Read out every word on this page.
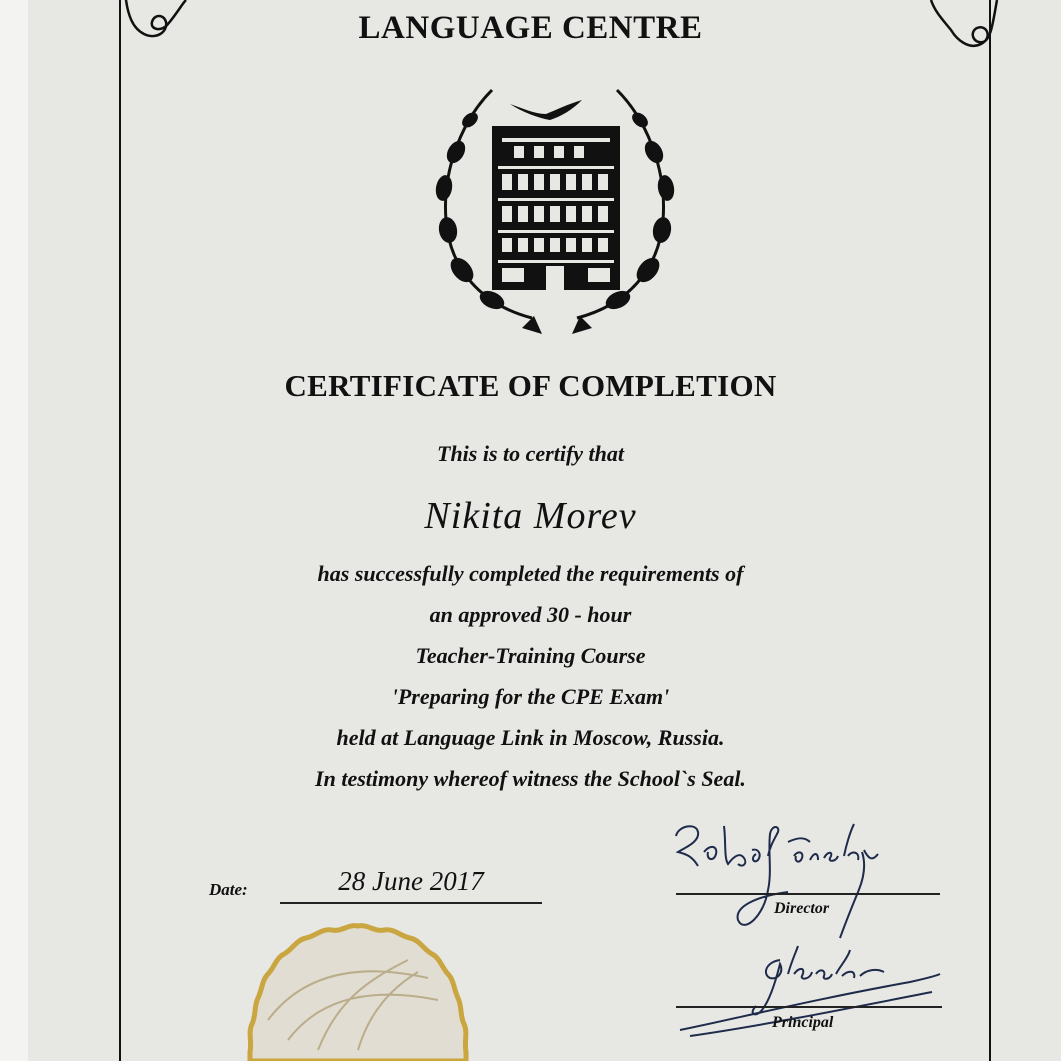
LANGUAGE CENTRE
CERTIFICATE OF COMPLETION
This is to certify that
Nikita Morev
has successfully completed the requirements of
an approved 30 - hour
Teacher-Training Course
'Preparing for the CPE Exam'
held at Language Link in Moscow, Russia.
In testimony whereof witness the School`s Seal.
Date:	28 June 2017
Director
Principal
